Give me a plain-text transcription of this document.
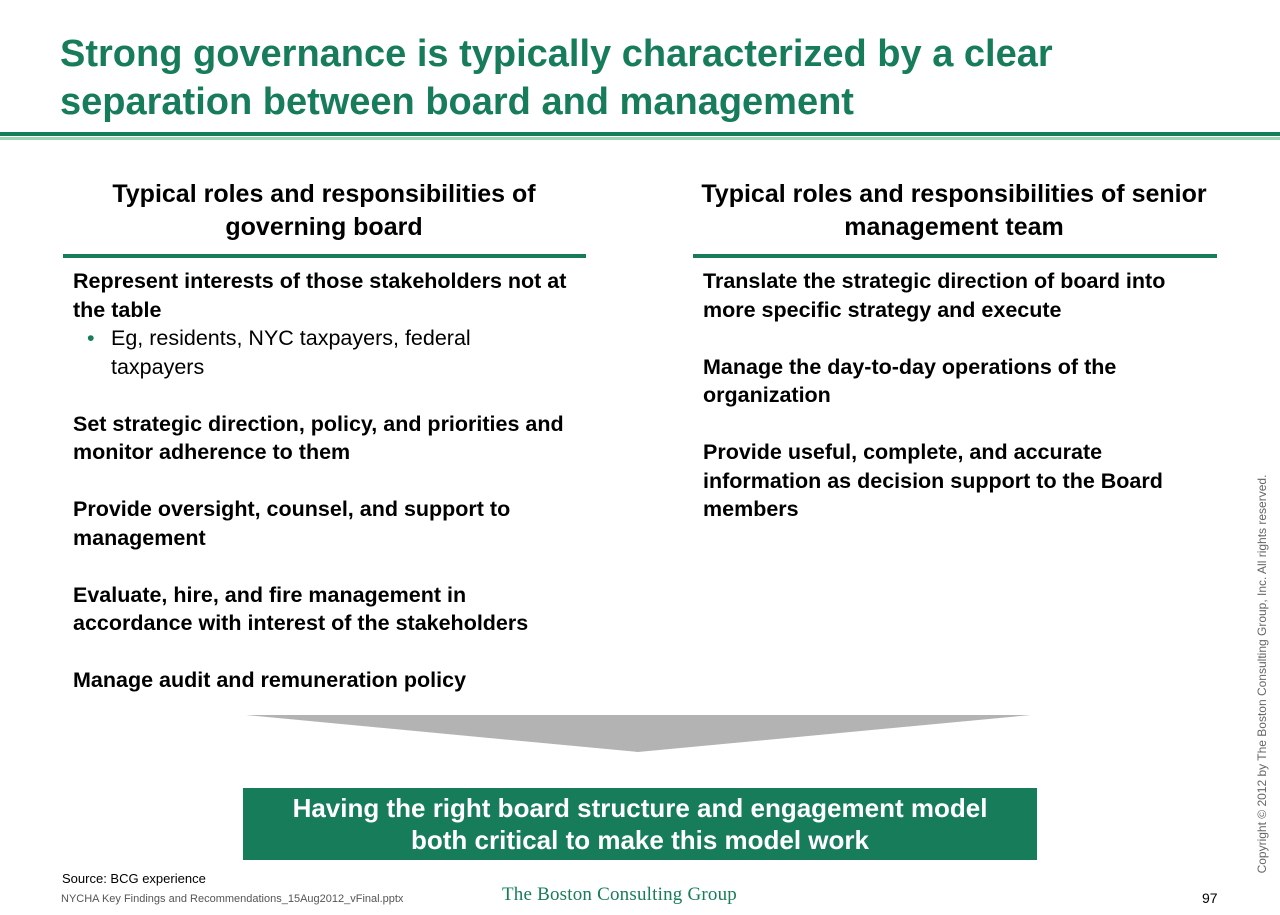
Strong governance is typically characterized by a clear separation between board and management
Typical roles and responsibilities of governing board
Represent interests of those stakeholders not at the table
• Eg, residents, NYC taxpayers, federal taxpayers
Set strategic direction, policy, and priorities and monitor adherence to them
Provide oversight, counsel, and support to management
Evaluate, hire, and fire management in accordance with interest of the stakeholders
Manage audit and remuneration policy
Typical roles and responsibilities of senior management team
Translate the strategic direction of board into more specific strategy and execute
Manage the day-to-day operations of the organization
Provide useful, complete, and accurate information as decision support to the Board members
Having the right board structure and engagement model
both critical to make this model work
Source: BCG experience
NYCHA Key Findings and Recommendations_15Aug2012_vFinal.pptx	The Boston Consulting Group	97
Copyright © 2012 by The Boston Consulting Group, Inc. All rights reserved.
